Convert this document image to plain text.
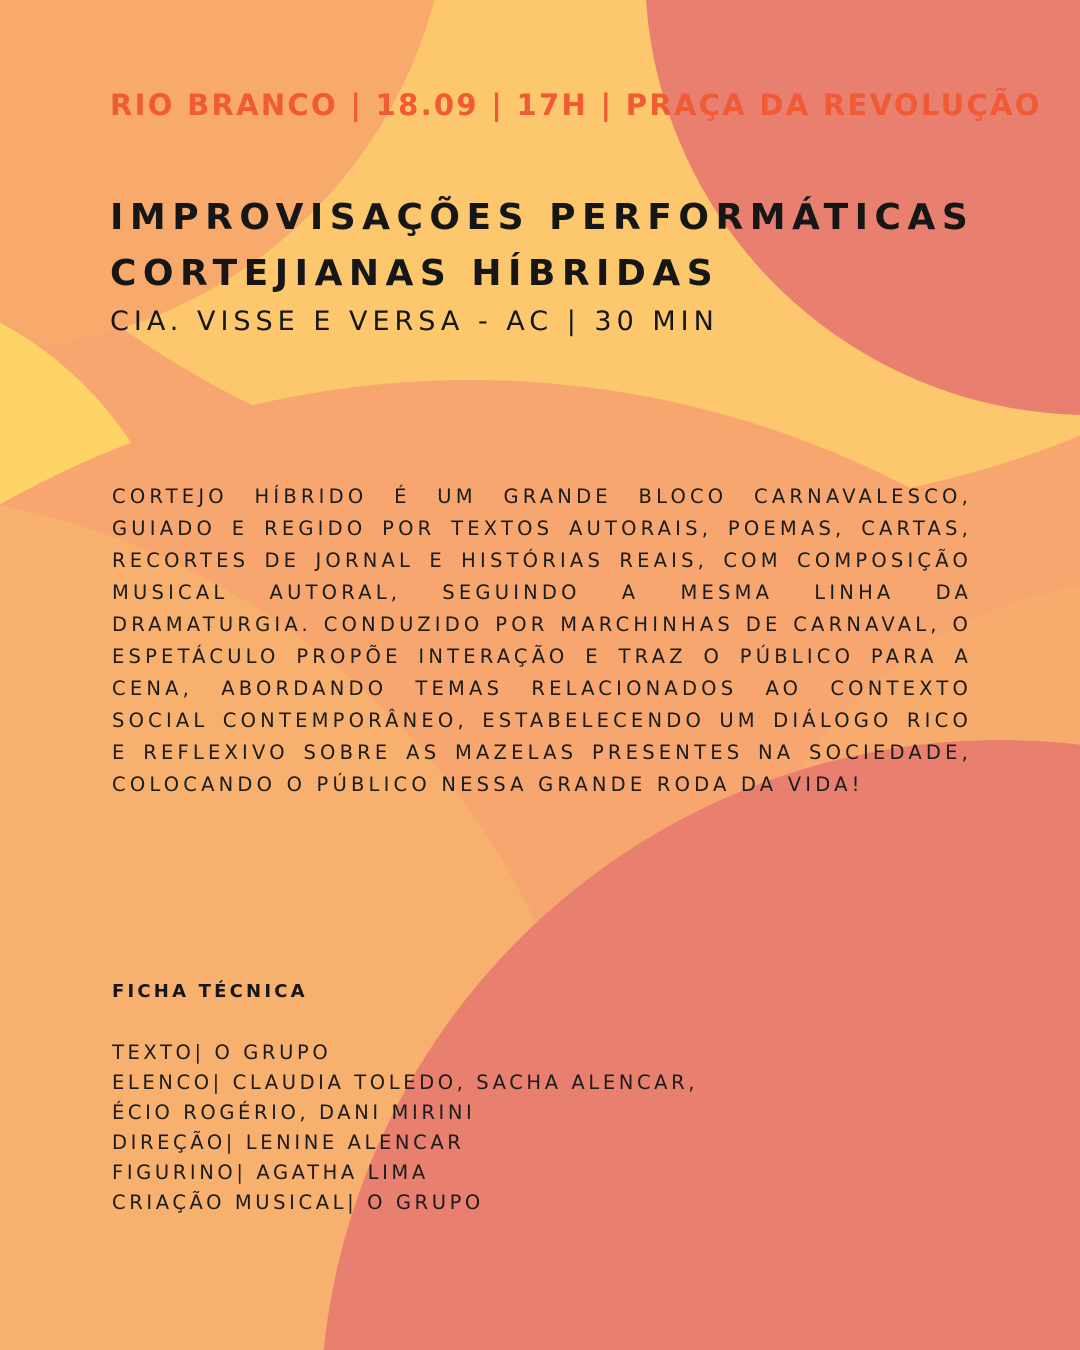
RIO BRANCO | 18.09 | 17H | PRAÇA DA REVOLUÇÃO

IMPROVISAÇÕES PERFORMÁTICAS
CORTEJIANAS HÍBRIDAS

CIA. VISSE E VERSA - AC | 30 MIN

CORTEJO HÍBRIDO É UM GRANDE BLOCO CARNAVALESCO, GUIADO E REGIDO POR TEXTOS AUTORAIS, POEMAS, CARTAS, RECORTES DE JORNAL E HISTÓRIAS REAIS, COM COMPOSIÇÃO MUSICAL AUTORAL, SEGUINDO A MESMA LINHA DA DRAMATURGIA. CONDUZIDO POR MARCHINHAS DE CARNAVAL, O ESPETÁCULO PROPÕE INTERAÇÃO E TRAZ O PÚBLICO PARA A CENA, ABORDANDO TEMAS RELACIONADOS AO CONTEXTO SOCIAL CONTEMPORÂNEO, ESTABELECENDO UM DIÁLOGO RICO E REFLEXIVO SOBRE AS MAZELAS PRESENTES NA SOCIEDADE, COLOCANDO O PÚBLICO NESSA GRANDE RODA DA VIDA!

FICHA TÉCNICA
TEXTO| O GRUPO
ELENCO| CLAUDIA TOLEDO, SACHA ALENCAR,
ÉCIO ROGÉRIO, DANI MIRINI
DIREÇÃO| LENINE ALENCAR
FIGURINO| AGATHA LIMA
CRIAÇÃO MUSICAL| O GRUPO
